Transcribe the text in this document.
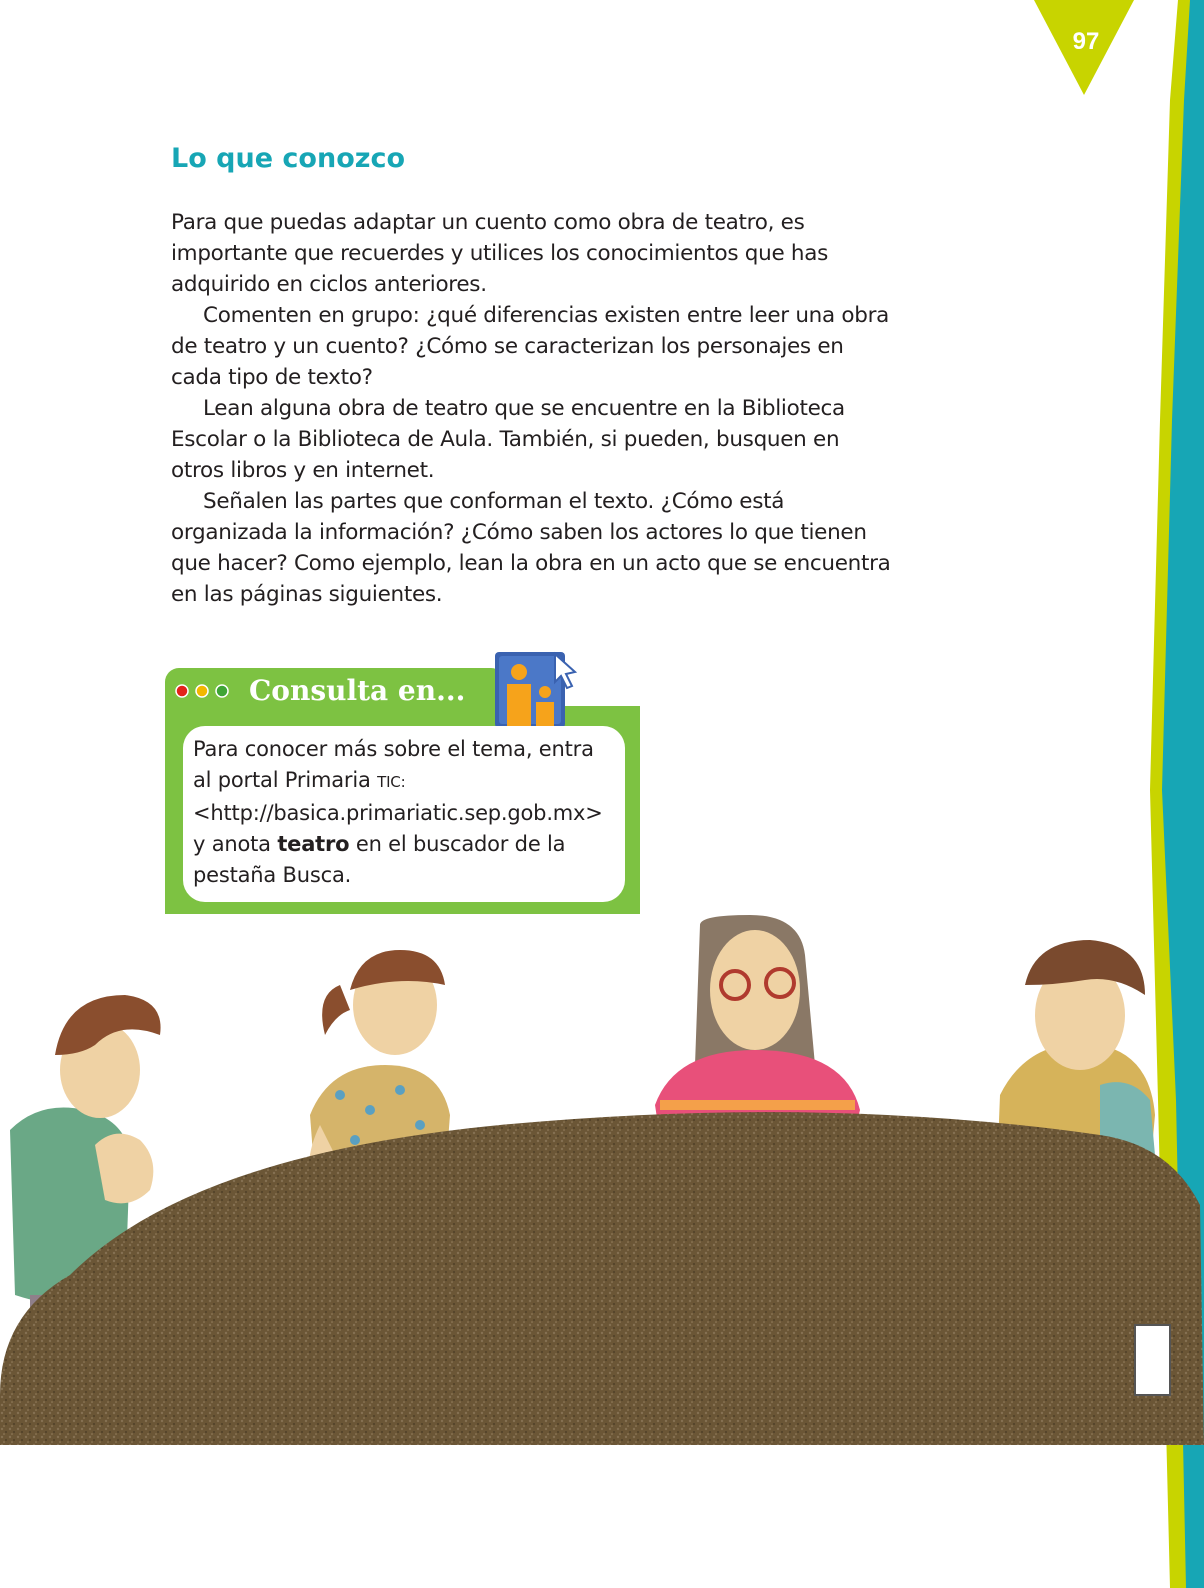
97
Lo que conozco

Para que puedas adaptar un cuento como obra de teatro, es importante que recuerdes y utilices los conocimientos que has adquirido en ciclos anteriores.

Comenten en grupo: ¿qué diferencias existen entre leer una obra de teatro y un cuento? ¿Cómo se caracterizan los personajes en cada tipo de texto?

Lean alguna obra de teatro que se encuentre en la Biblioteca Escolar o la Biblioteca de Aula. También, si pueden, busquen en otros libros y en internet.

Señalen las partes que conforman el texto. ¿Cómo está organizada la información? ¿Cómo saben los actores lo que tienen que hacer? Como ejemplo, lean la obra en un acto que se encuentra en las páginas siguientes.

Consulta en...
Para conocer más sobre el tema, entra
al portal Primaria TIC:
<http://basica.primariatic.sep.gob.mx>
y anota teatro en el buscador de la
pestaña Busca.
